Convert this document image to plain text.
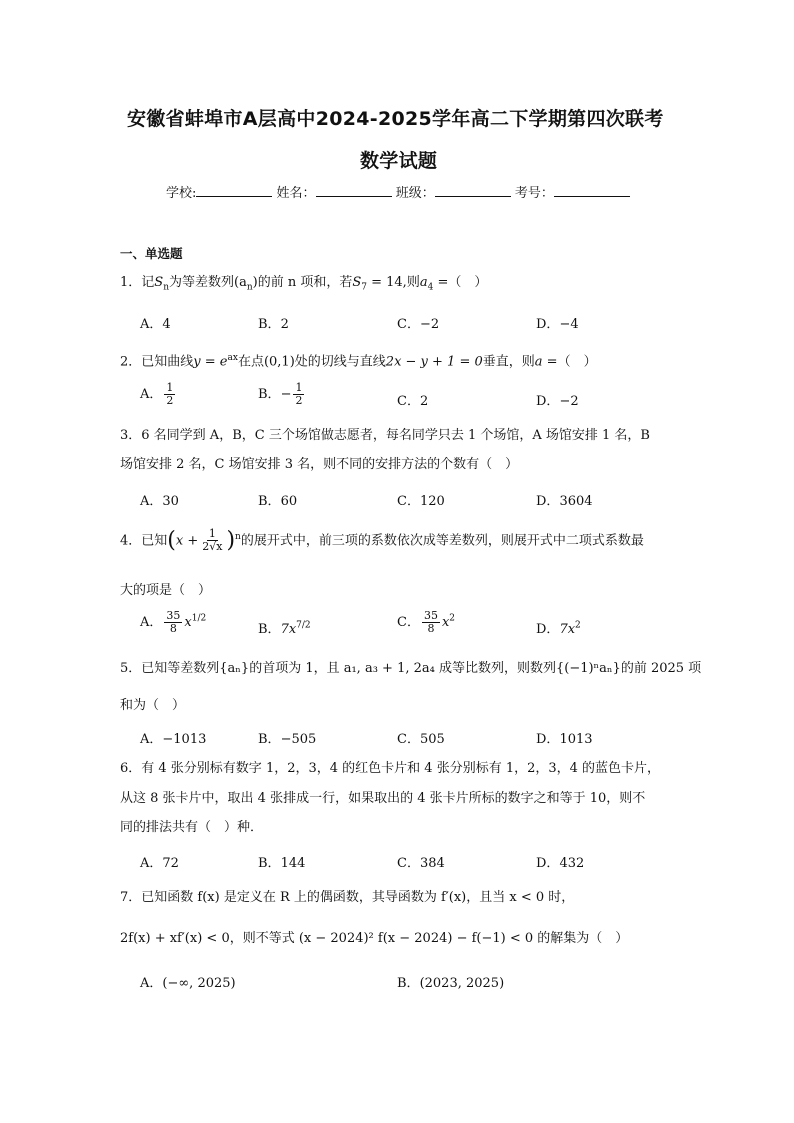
安徽省蚌埠市A层高中2024-2025学年高二下学期第四次联考
数学试题
学校:	姓名：	班级：	考号：
一、单选题
1．记$S_n$为等差数列$(a_n)$的前 n 项和，若$S_7 = 14$,则$a_4$ =（　）
A．4	B．2	C．−2	D．−4
2．已知曲线$y = e^{ax}$在点(0,1)处的切线与直线2x − y + 1 = 0垂直，则a =（　）
A． $\frac{1}{2}$	B．− $\frac{1}{2}$	C．2	D．−2
3．6 名同学到 A，B，C 三个场馆做志愿者，每名同学只去 1 个场馆，A 场馆安排 1 名，B
场馆安排 2 名，C 场馆安排 3 名，则不同的安排方法的个数有（　）
A．30	B．60	C．120	D．3604
4．已知$(x + \frac{1}{2√x} )^n$的展开式中，前三项的系数依次成等差数列，则展开式中二项式系数最
大的项是（　）
A． $\frac{35}{8} x^{1/2}$
B．$7x^{7/2}$	C． $\frac{35}{8} x^2$
D．$7x^2$
5．已知等差数列{aₙ}的首项为 1，且 a₁, a₃ + 1, 2a₄ 成等比数列，则数列{(−1)ⁿaₙ}的前 2025 项
和为（　）
A．−1013	B．−505	C．505	D．1013
6．有 4 张分别标有数字 1，2，3，4 的红色卡片和 4 张分别标有 1，2，3，4 的蓝色卡片，
从这 8 张卡片中，取出 4 张排成一行，如果取出的 4 张卡片所标的数字之和等于 10，则不
同的排法共有（　）种．
A．72	B．144	C．384	D．432
7．已知函数 f(x) 是定义在 R 上的偶函数，其导函数为 f′(x)，且当 x < 0 时，
2f(x) + xf′(x) < 0，则不等式 (x − 2024)² f(x − 2024) − f(−1) < 0 的解集为（　）
A．(−∞, 2025)	B．(2023, 2025)
